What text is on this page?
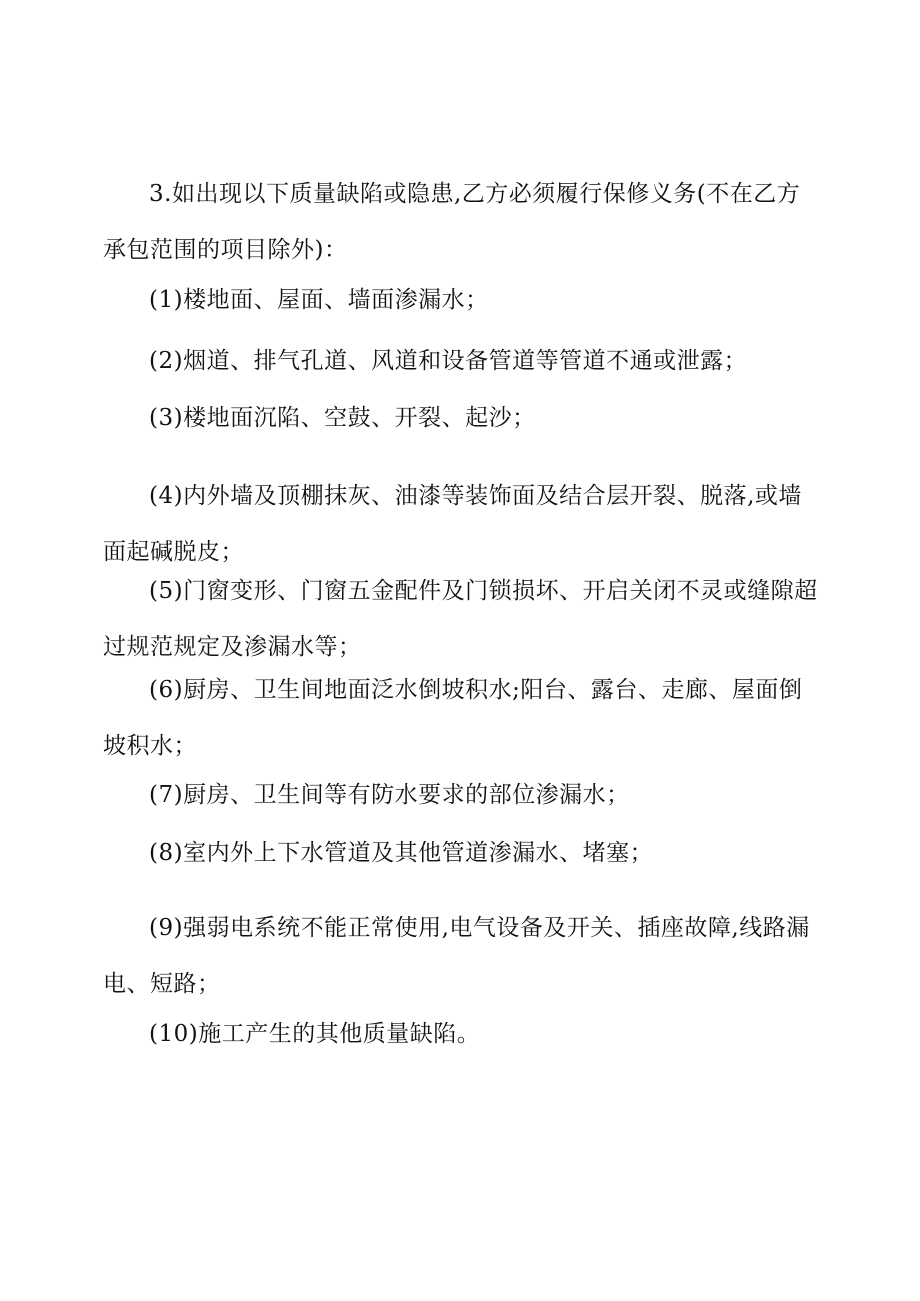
3.如出现以下质量缺陷或隐患,乙方必须履行保修义务(不在乙方承包范围的项目除外)：

(1)楼地面、屋面、墙面渗漏水；

(2)烟道、排气孔道、风道和设备管道等管道不通或泄露；

(3)楼地面沉陷、空鼓、开裂、起沙；

(4)内外墙及顶棚抹灰、油漆等装饰面及结合层开裂、脱落,或墙面起碱脱皮；

(5)门窗变形、门窗五金配件及门锁损坏、开启关闭不灵或缝隙超过规范规定及渗漏水等；

(6)厨房、卫生间地面泛水倒坡积水;阳台、露台、走廊、屋面倒坡积水；

(7)厨房、卫生间等有防水要求的部位渗漏水；

(8)室内外上下水管道及其他管道渗漏水、堵塞；

(9)强弱电系统不能正常使用,电气设备及开关、插座故障,线路漏电、短路；

(10)施工产生的其他质量缺陷。
